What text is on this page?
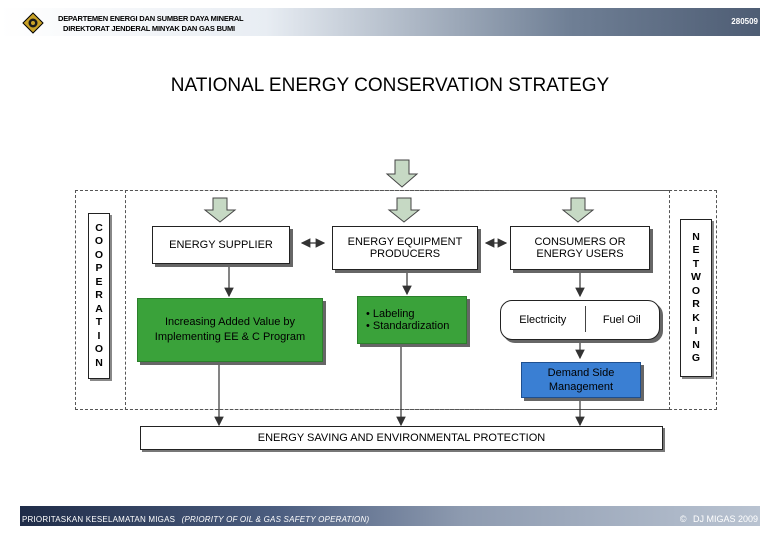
DEPARTEMEN ENERGI DAN SUMBER DAYA MINERAL
DIREKTORAT JENDERAL MINYAK DAN GAS BUMI
280509
NATIONAL ENERGY CONSERVATION STRATEGY
C
O
O
P
E
R
A
T
I
O
N
N
E
T
W
O
R
K
I
N
G
ENERGY SUPPLIER	ENERGY EQUIPMENT PRODUCERS
CONSUMERS OR ENERGY USERS
Increasing Added Value by Implementing EE & C Program
• Labeling
• Standardization	Electricity	Fuel Oil
Demand Side Management
ENERGY SAVING AND ENVIRONMENTAL PROTECTION
PRIORITASKAN KESELAMATAN MIGAS (PRIORITY OF OIL & GAS SAFETY OPERATION)	© DJ MIGAS 2009
